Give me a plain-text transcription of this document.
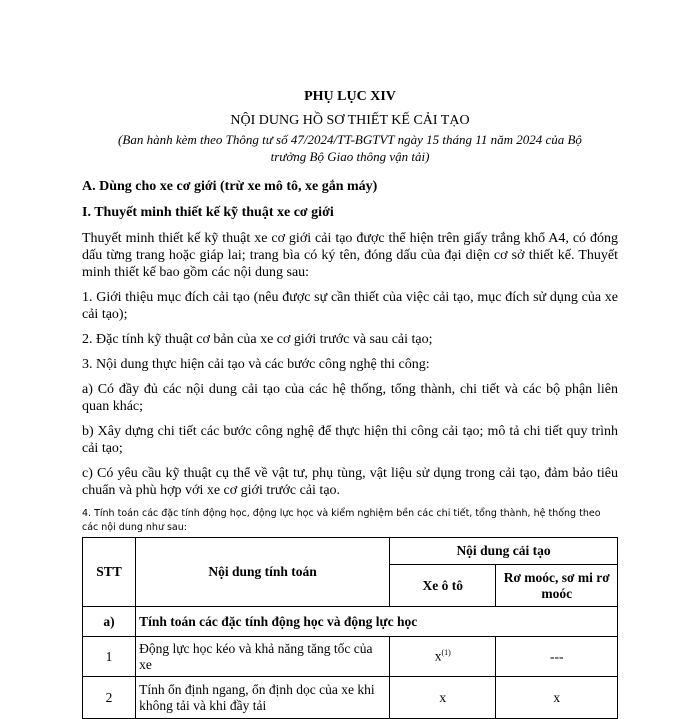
PHỤ LỤC XIV
NỘI DUNG HỒ SƠ THIẾT KẾ CẢI TẠO
(Ban hành kèm theo Thông tư số 47/2024/TT-BGTVT ngày 15 tháng 11 năm 2024 của Bộ
trưởng Bộ Giao thông vận tải)
A. Dùng cho xe cơ giới (trừ xe mô tô, xe gắn máy)
I. Thuyết minh thiết kế kỹ thuật xe cơ giới
Thuyết minh thiết kế kỹ thuật xe cơ giới cải tạo được thể hiện trên giấy trắng khổ A4, có đóng dấu từng trang hoặc giáp lai; trang bìa có ký tên, đóng dấu của đại diện cơ sở thiết kế. Thuyết minh thiết kế bao gồm các nội dung sau:
1. Giới thiệu mục đích cải tạo (nêu được sự cần thiết của việc cải tạo, mục đích sử dụng của xe cải tạo);
2. Đặc tính kỹ thuật cơ bản của xe cơ giới trước và sau cải tạo;
3. Nội dung thực hiện cải tạo và các bước công nghệ thi công:
a) Có đầy đủ các nội dung cải tạo của các hệ thống, tổng thành, chi tiết và các bộ phận liên quan khác;
b) Xây dựng chi tiết các bước công nghệ để thực hiện thi công cải tạo; mô tả chi tiết quy trình cải tạo;
c) Có yêu cầu kỹ thuật cụ thể về vật tư, phụ tùng, vật liệu sử dụng trong cải tạo, đảm bảo tiêu chuẩn và phù hợp với xe cơ giới trước cải tạo.
4. Tính toán các đặc tính động học, động lực học và kiểm nghiệm bền các chi tiết, tổng thành, hệ thống theo các nội dung như sau:
STT	Nội dung tính toán	Nội dung cải tạo	
		Xe ô tô	Rơ moóc, sơ mi rơ moóc
a)	Tính toán các đặc tính động học và động lực học		
1	Động lực học kéo và khả năng tăng tốc của xe	$x^{(1)}$	---
2	Tính ổn định ngang, ổn định dọc của xe khi không tải và khi đầy tải	x	x
